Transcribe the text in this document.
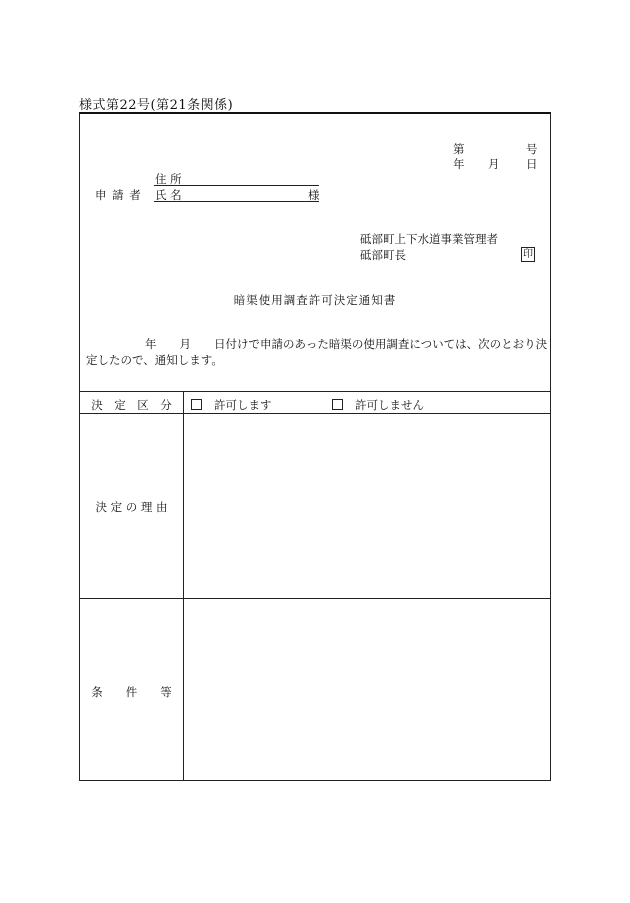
様式第22号(第21条関係)
第	号
年 月 日
住 所
申 請 者 氏 名	様
砥部町上下水道事業管理者
砥部町長	印
暗渠使用調査許可決定通知書
年　　月　　日付けで申請のあった暗渠の使用調査については、次のとおり決
定したので、通知します。
決　定　区　分	許可します	許可しません
決 定 の 理 由
条　　件　　等
